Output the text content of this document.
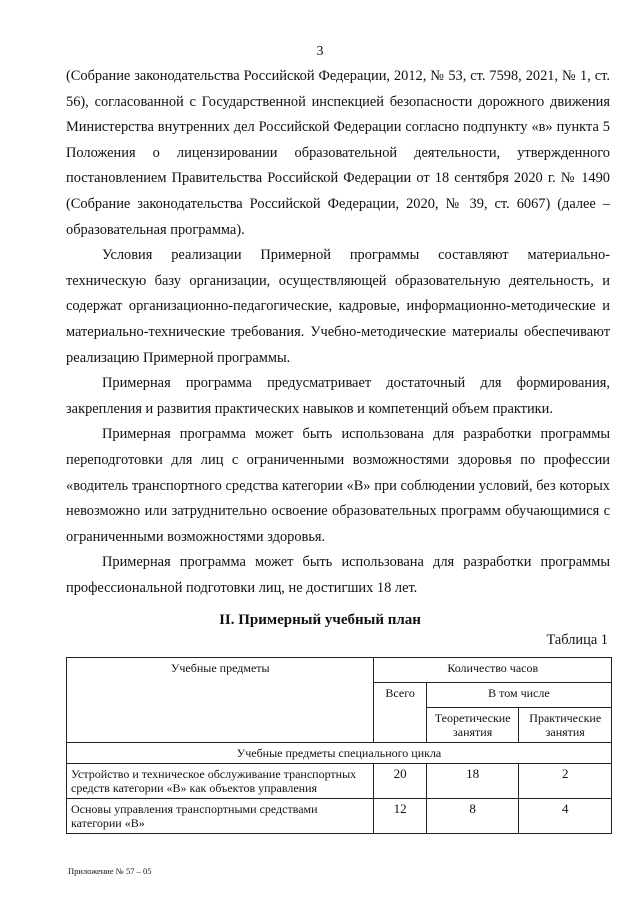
3

(Собрание законодательства Российской Федерации, 2012, № 53, ст. 7598, 2021, № 1, ст. 56), согласованной с Государственной инспекцией безопасности дорожного движения Министерства внутренних дел Российской Федерации согласно подпункту «в» пункта 5 Положения о лицензировании образовательной деятельности, утвержденного постановлением Правительства Российской Федерации от 18 сентября 2020 г. № 1490 (Собрание законодательства Российской Федерации, 2020, № 39, ст. 6067) (далее – образовательная программа).

Условия реализации Примерной программы составляют материально-техническую базу организации, осуществляющей образовательную деятельность, и содержат организационно-педагогические, кадровые, информационно-методические и материально-технические требования. Учебно-методические материалы обеспечивают реализацию Примерной программы.

Примерная программа предусматривает достаточный для формирования, закрепления и развития практических навыков и компетенций объем практики.

Примерная программа может быть использована для разработки программы переподготовки для лиц с ограниченными возможностями здоровья по профессии «водитель транспортного средства категории «В» при соблюдении условий, без которых невозможно или затруднительно освоение образовательных программ обучающимися с ограниченными возможностями здоровья.

Примерная программа может быть использована для разработки программы профессиональной подготовки лиц, не достигших 18 лет.

II. Примерный учебный план
Таблица 1
Учебные предметы	Количество часов		
	Всего	В том числе	
		Теоретические занятия	Практические занятия
Учебные предметы специального цикла			
Устройство и техническое обслуживание транспортных средств категории «В» как объектов управления	20	18	2
Основы управления транспортными средствами категории «В»	12	8	4
Приложение № 57 – 05
